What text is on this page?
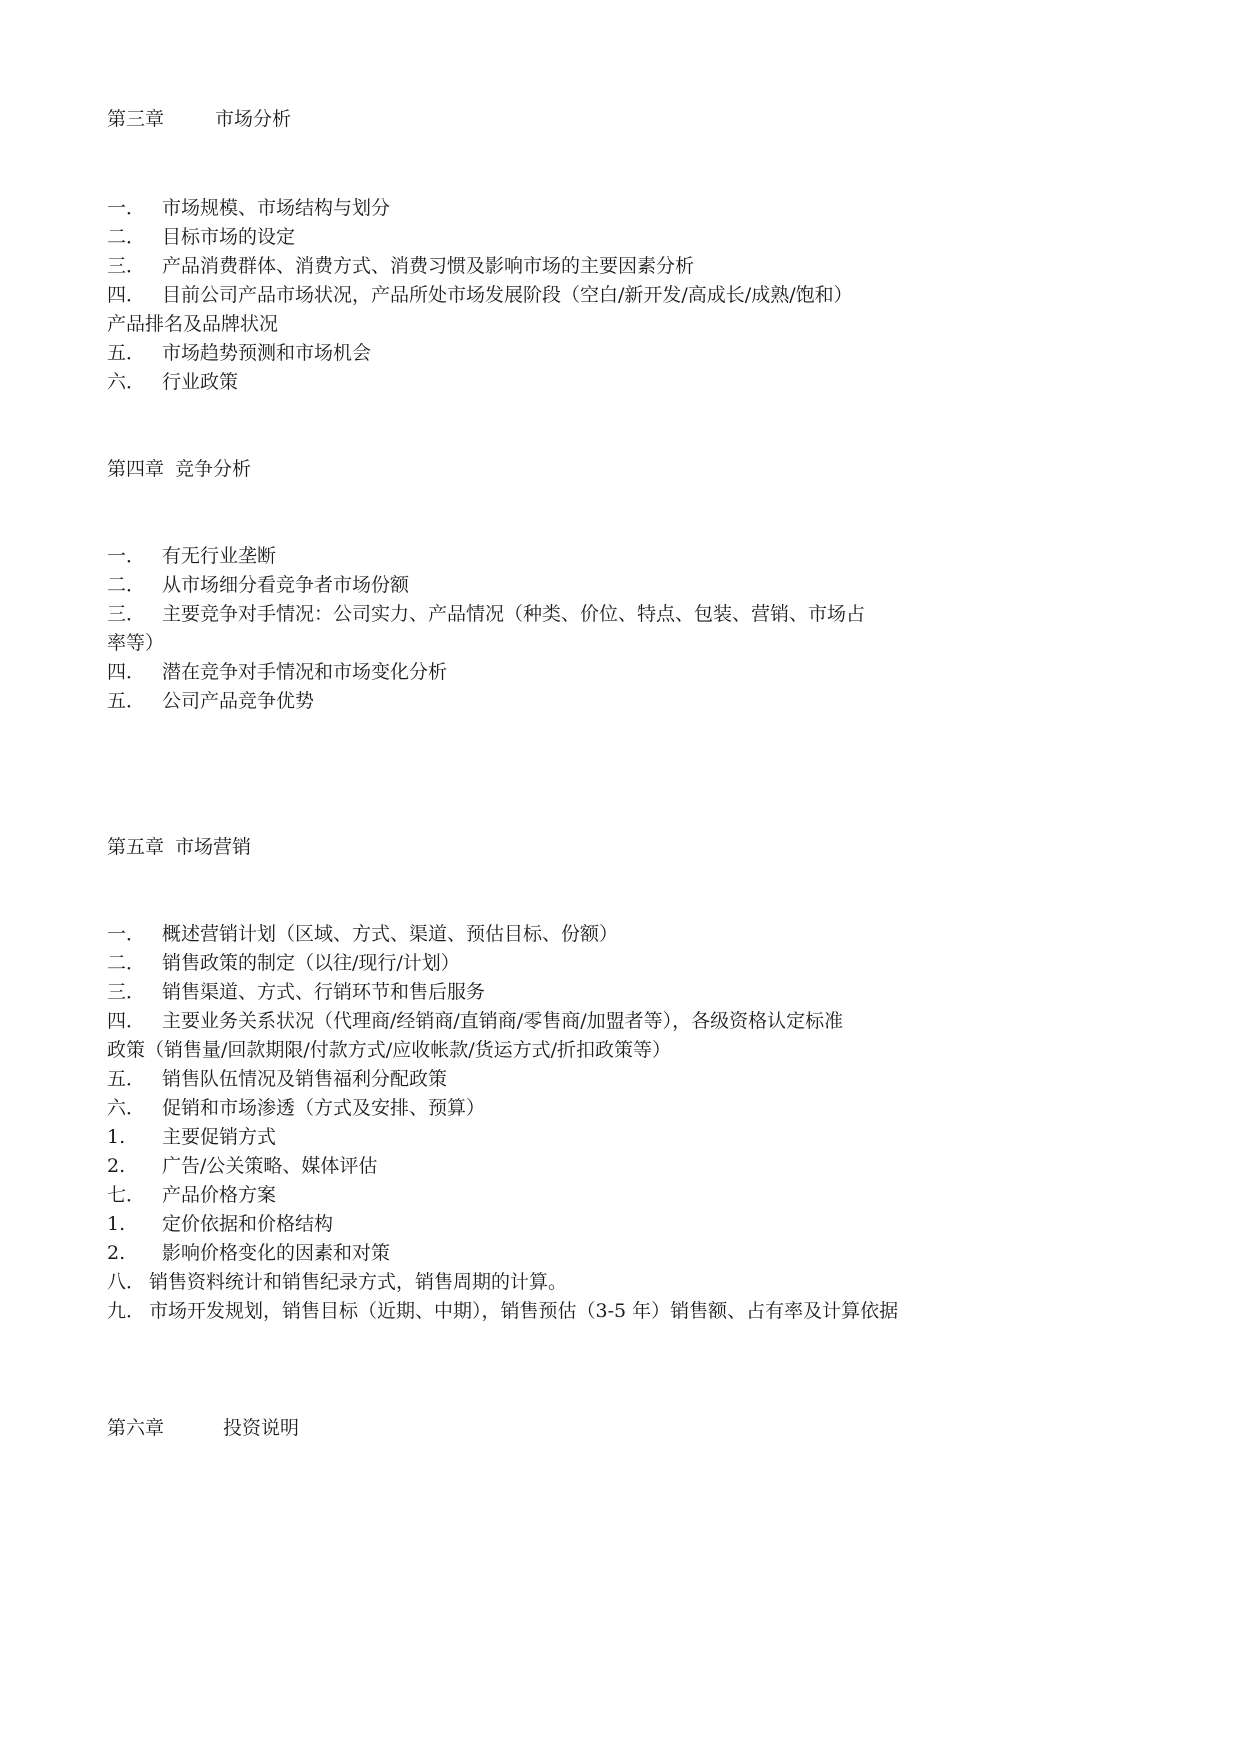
第三章	市场分析
一． 市场规模、市场结构与划分
二． 目标市场的设定
三． 产品消费群体、消费方式、消费习惯及影响市场的主要因素分析
四． 目前公司产品市场状况，产品所处市场发展阶段（空白/新开发/高成长/成熟/饱和）
产品排名及品牌状况
五． 市场趋势预测和市场机会
六． 行业政策
第四章 竞争分析
一． 有无行业垄断
二． 从市场细分看竞争者市场份额
三． 主要竞争对手情况：公司实力、产品情况（种类、价位、特点、包装、营销、市场占
率等）
四． 潜在竞争对手情况和市场变化分析
五． 公司产品竞争优势
第五章 市场营销
一． 概述营销计划（区域、方式、渠道、预估目标、份额）
二． 销售政策的制定（以往/现行/计划）
三． 销售渠道、方式、行销环节和售后服务
四． 主要业务关系状况（代理商/经销商/直销商/零售商/加盟者等），各级资格认定标准
政策（销售量/回款期限/付款方式/应收帐款/货运方式/折扣政策等）
五． 销售队伍情况及销售福利分配政策
六． 促销和市场渗透（方式及安排、预算）
1. 主要促销方式
2. 广告/公关策略、媒体评估
七． 产品价格方案
1. 定价依据和价格结构
2. 影响价格变化的因素和对策
八． 销售资料统计和销售纪录方式，销售周期的计算。
九． 市场开发规划，销售目标（近期、中期），销售预估（3-5 年）销售额、占有率及计算依据
第六章	投资说明
